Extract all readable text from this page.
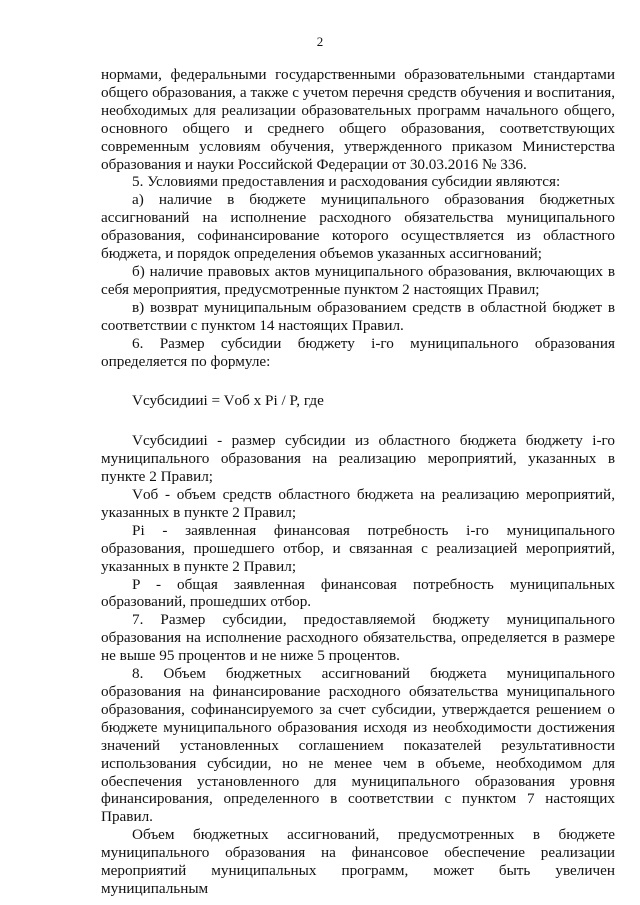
2

нормами, федеральными государственными образовательными стандартами общего образования, а также с учетом перечня средств обучения и воспитания, необходимых для реализации образовательных программ начального общего, основного общего и среднего общего образования, соответствующих современным условиям обучения, утвержденного приказом Министерства образования и науки Российской Федерации от 30.03.2016 № 336.

5. Условиями предоставления и расходования субсидии являются:

а) наличие в бюджете муниципального образования бюджетных ассигнований на исполнение расходного обязательства муниципального образования, софинансирование которого осуществляется из областного бюджета, и порядок определения объемов указанных ассигнований;

б) наличие правовых актов муниципального образования, включающих в себя мероприятия, предусмотренные пунктом 2 настоящих Правил;

в) возврат муниципальным образованием средств в областной бюджет в соответствии с пунктом 14 настоящих Правил.

6. Размер субсидии бюджету i-го муниципального образования определяется по формуле:

Vсубсидииi = Vоб x Pi / P, где

Vсубсидииi - размер субсидии из областного бюджета бюджету i-го муниципального образования на реализацию мероприятий, указанных в пункте 2 Правил;

Vоб - объем средств областного бюджета на реализацию мероприятий, указанных в пункте 2 Правил;

Pi - заявленная финансовая потребность i-го муниципального образования, прошедшего отбор, и связанная с реализацией мероприятий, указанных в пункте 2 Правил;

P - общая заявленная финансовая потребность муниципальных образований, прошедших отбор.

7. Размер субсидии, предоставляемой бюджету муниципального образования на исполнение расходного обязательства, определяется в размере не выше 95 процентов и не ниже 5 процентов.

8. Объем бюджетных ассигнований бюджета муниципального образования на финансирование расходного обязательства муниципального образования, софинансируемого за счет субсидии, утверждается решением о бюджете муниципального образования исходя из необходимости достижения значений установленных соглашением показателей результативности использования субсидии, но не менее чем в объеме, необходимом для обеспечения установленного для муниципального образования уровня финансирования, определенного в соответствии с пунктом 7 настоящих Правил.

Объем бюджетных ассигнований, предусмотренных в бюджете муниципального образования на финансовое обеспечение реализации мероприятий муниципальных программ, может быть увеличен муниципальным
